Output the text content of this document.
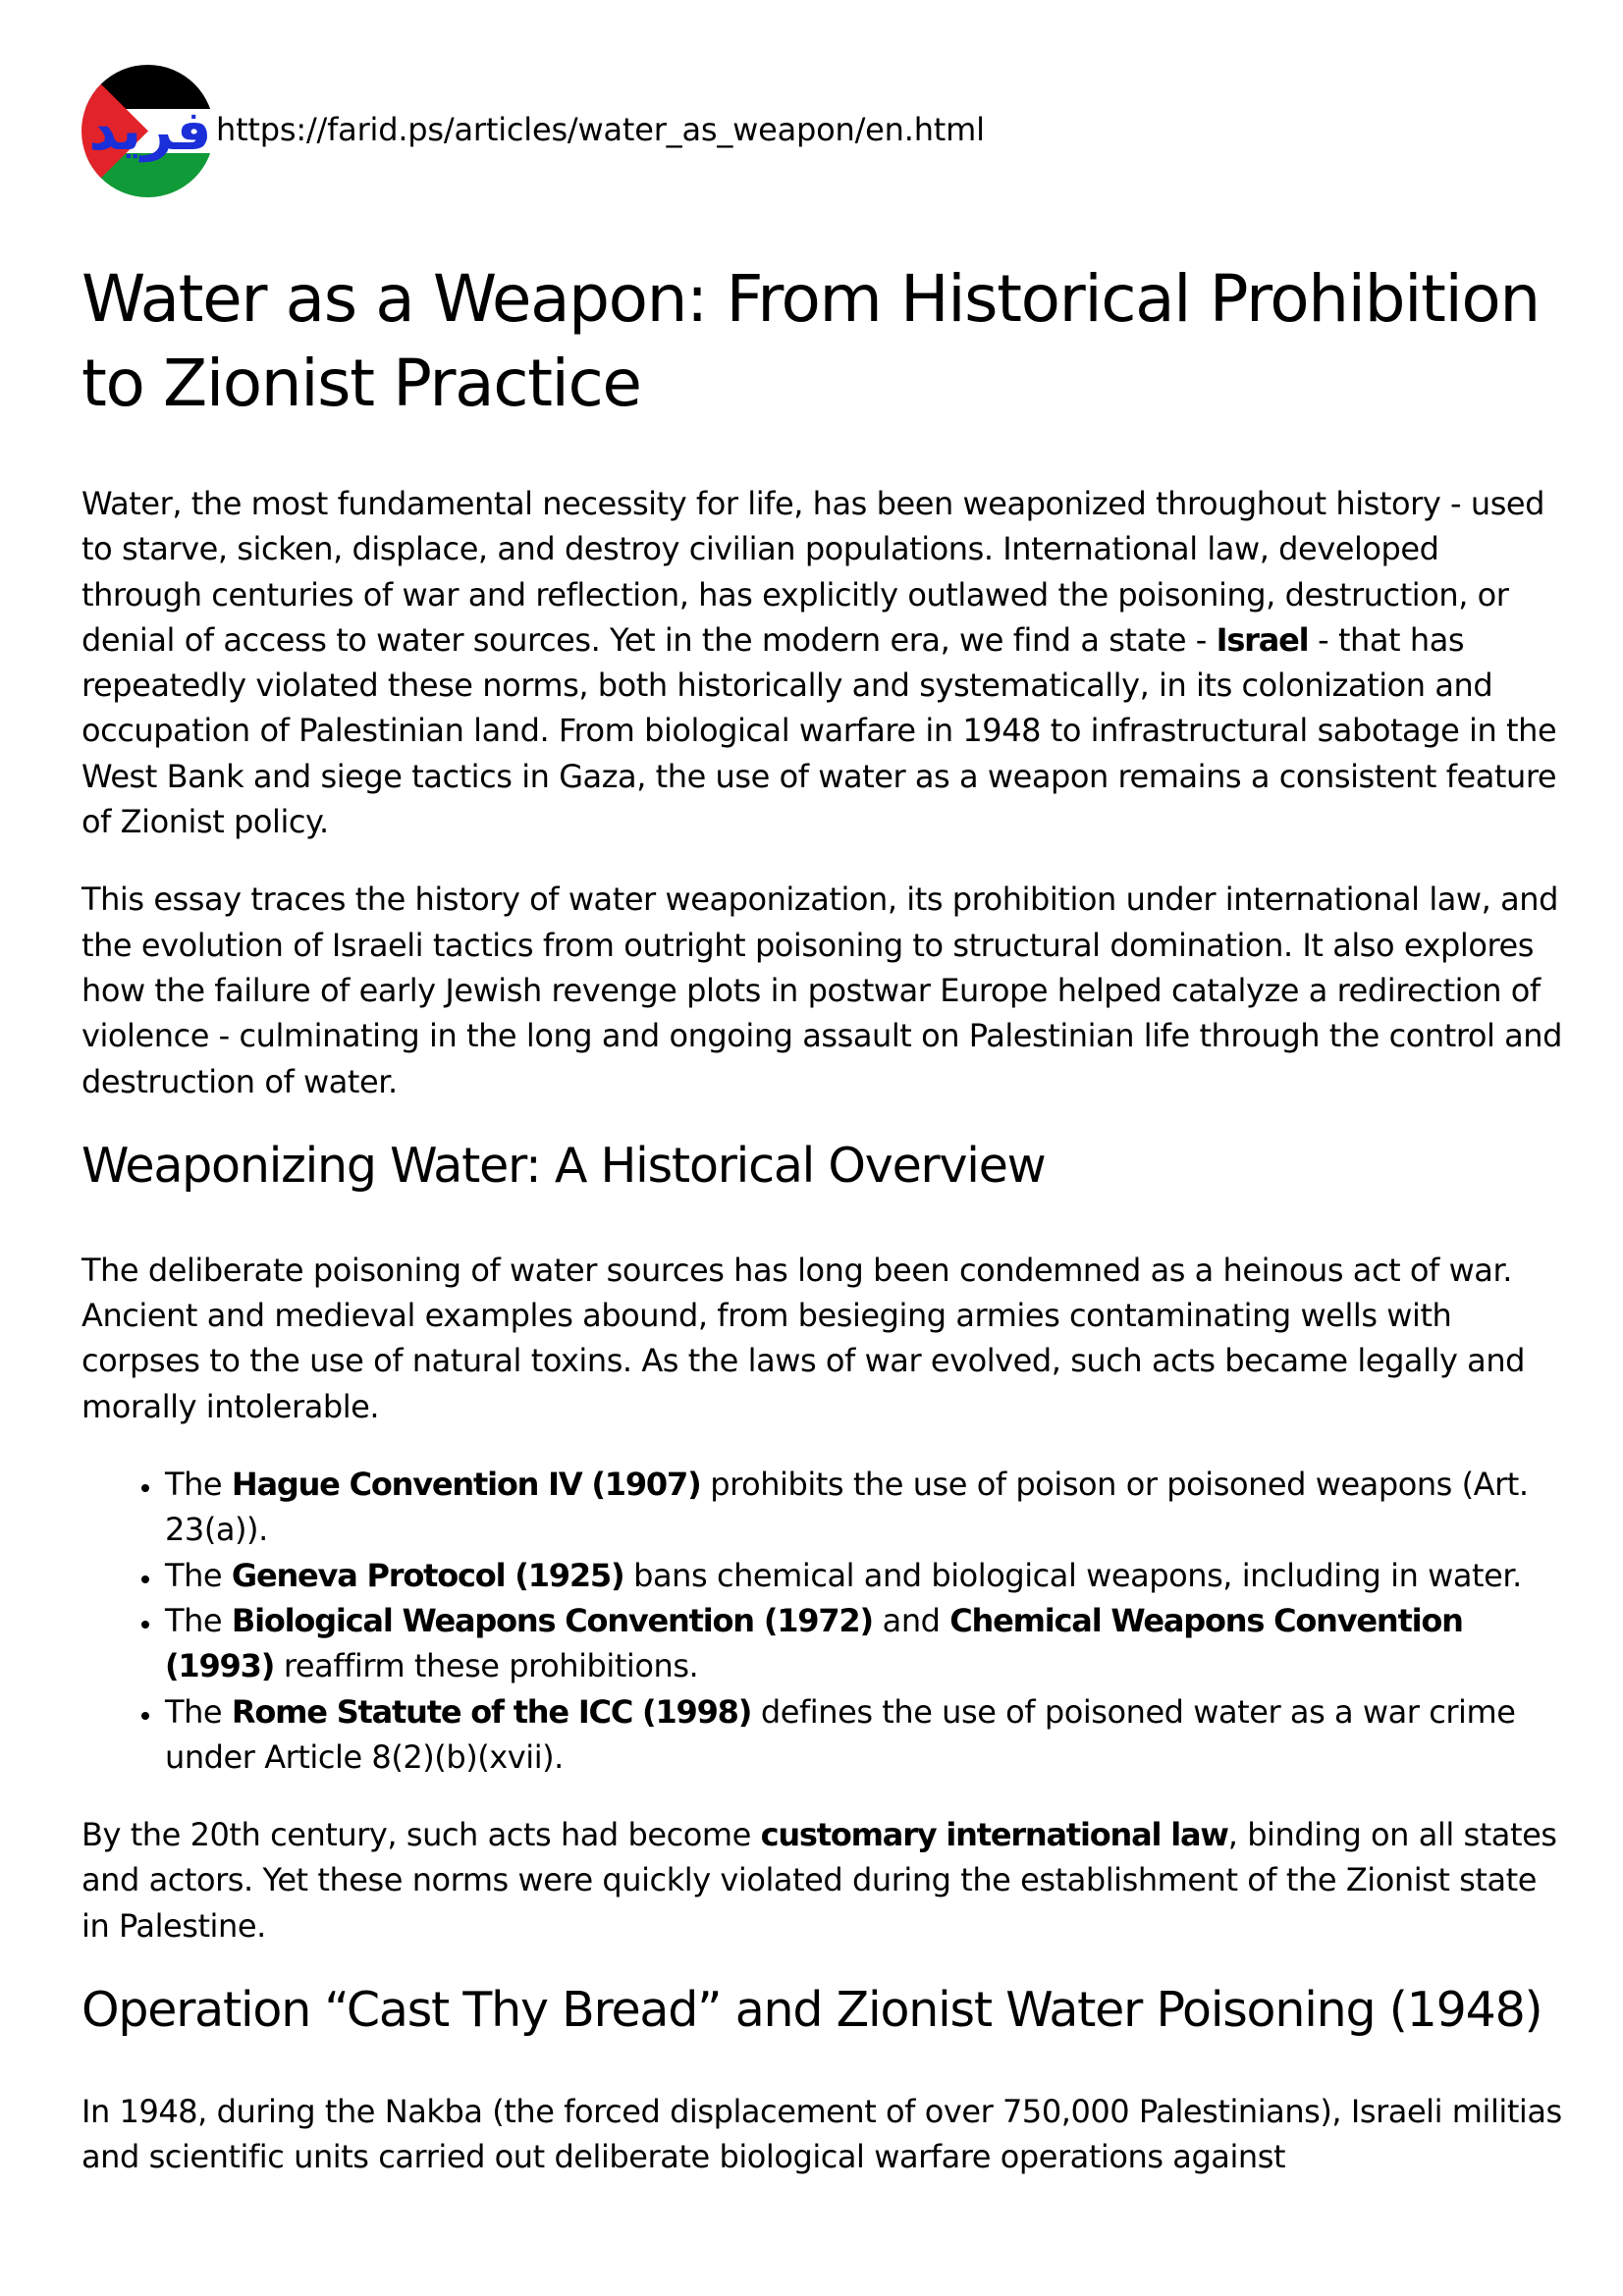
فريد https://farid.ps/articles/water_as_weapon/en.html
Water as a Weapon: From Historical Prohibition to Zionist Practice

Water, the most fundamental necessity for life, has been weaponized throughout history - used to starve, sicken, displace, and destroy civilian populations. International law, developed through centuries of war and reflection, has explicitly outlawed the poisoning, destruction, or denial of access to water sources. Yet in the modern era, we find a state - Israel - that has repeatedly violated these norms, both historically and systematically, in its colonization and occupation of Palestinian land. From biological warfare in 1948 to infrastructural sabotage in the West Bank and siege tactics in Gaza, the use of water as a weapon remains a consistent feature of Zionist policy.

This essay traces the history of water weaponization, its prohibition under international law, and the evolution of Israeli tactics from outright poisoning to structural domination. It also explores how the failure of early Jewish revenge plots in postwar Europe helped catalyze a redirection of violence - culminating in the long and ongoing assault on Palestinian life through the control and destruction of water.

Weaponizing Water: A Historical Overview

The deliberate poisoning of water sources has long been condemned as a heinous act of war. Ancient and medieval examples abound, from besieging armies contaminating wells with corpses to the use of natural toxins. As the laws of war evolved, such acts became legally and morally intolerable.

• The Hague Convention IV (1907) prohibits the use of poison or poisoned weapons (Art. 23(a)).
• The Geneva Protocol (1925) bans chemical and biological weapons, including in water.
• The Biological Weapons Convention (1972) and Chemical Weapons Convention (1993) reaffirm these prohibitions.
• The Rome Statute of the ICC (1998) defines the use of poisoned water as a war crime under Article 8(2)(b)(xvii).

By the 20th century, such acts had become customary international law, binding on all states and actors. Yet these norms were quickly violated during the establishment of the Zionist state in Palestine.

Operation “Cast Thy Bread” and Zionist Water Poisoning (1948)

In 1948, during the Nakba (the forced displacement of over 750,000 Palestinians), Israeli militias and scientific units carried out deliberate biological warfare operations against
